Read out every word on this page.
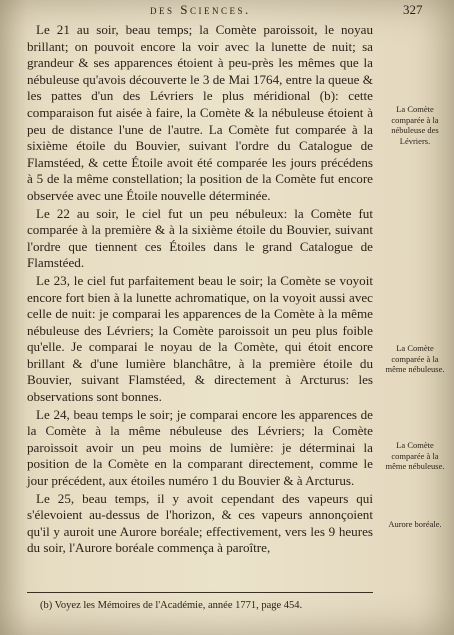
des Sciences.	327

Le 21 au soir, beau temps; la Comète paroissoit, le noyau brillant; on pouvoit encore la voir avec la lunette de nuit; sa grandeur & ses apparences étoient à peu-près les mêmes que la nébuleuse qu'avois découverte le 3 de Mai 1764, entre la queue & les pattes d'un des Lévriers le plus méridional (b): cette comparaison fut aisée à faire, la Comète & la nébuleuse étoient à peu de distance l'une de l'autre. La Comète fut comparée à la sixième étoile du Bouvier, suivant l'ordre du Catalogue de Flamstéed, & cette Étoile avoit été comparée les jours précédens à 5 de la même constellation; la position de la Comète fut encore observée avec une Étoile nouvelle déterminée.

Le 22 au soir, le ciel fut un peu nébuleux: la Comète fut comparée à la première & à la sixième étoile du Bouvier, suivant l'ordre que tiennent ces Étoiles dans le grand Catalogue de Flamstéed.

Le 23, le ciel fut parfaitement beau le soir; la Comète se voyoit encore fort bien à la lunette achromatique, on la voyoit aussi avec celle de nuit: je comparai les apparences de la Comète à la même nébuleuse des Lévriers; la Comète paroissoit un peu plus foible qu'elle. Je comparai le noyau de la Comète, qui étoit encore brillant & d'une lumière blanchâtre, à la première étoile du Bouvier, suivant Flamstéed, & directement à Arcturus: les observations sont bonnes.

Le 24, beau temps le soir; je comparai encore les apparences de la Comète à la même nébuleuse des Lévriers; la Comète paroissoit avoir un peu moins de lumière: je déterminai la position de la Comète en la comparant directement, comme le jour précédent, aux étoiles numéro 1 du Bouvier & à Arcturus.

Le 25, beau temps, il y avoit cependant des vapeurs qui s'élevoient au-dessus de l'horizon, & ces vapeurs annonçoient qu'il y auroit une Aurore boréale; effectivement, vers les 9 heures du soir, l'Aurore boréale commença à paroître,

La Comète comparée à la nébuleuse des Lévriers.
La Comète comparée à la même nébuleuse.
La Comète comparée à la même nébuleuse.
Aurore boréale.
(b) Voyez les Mémoires de l'Académie, année 1771, page 454.
